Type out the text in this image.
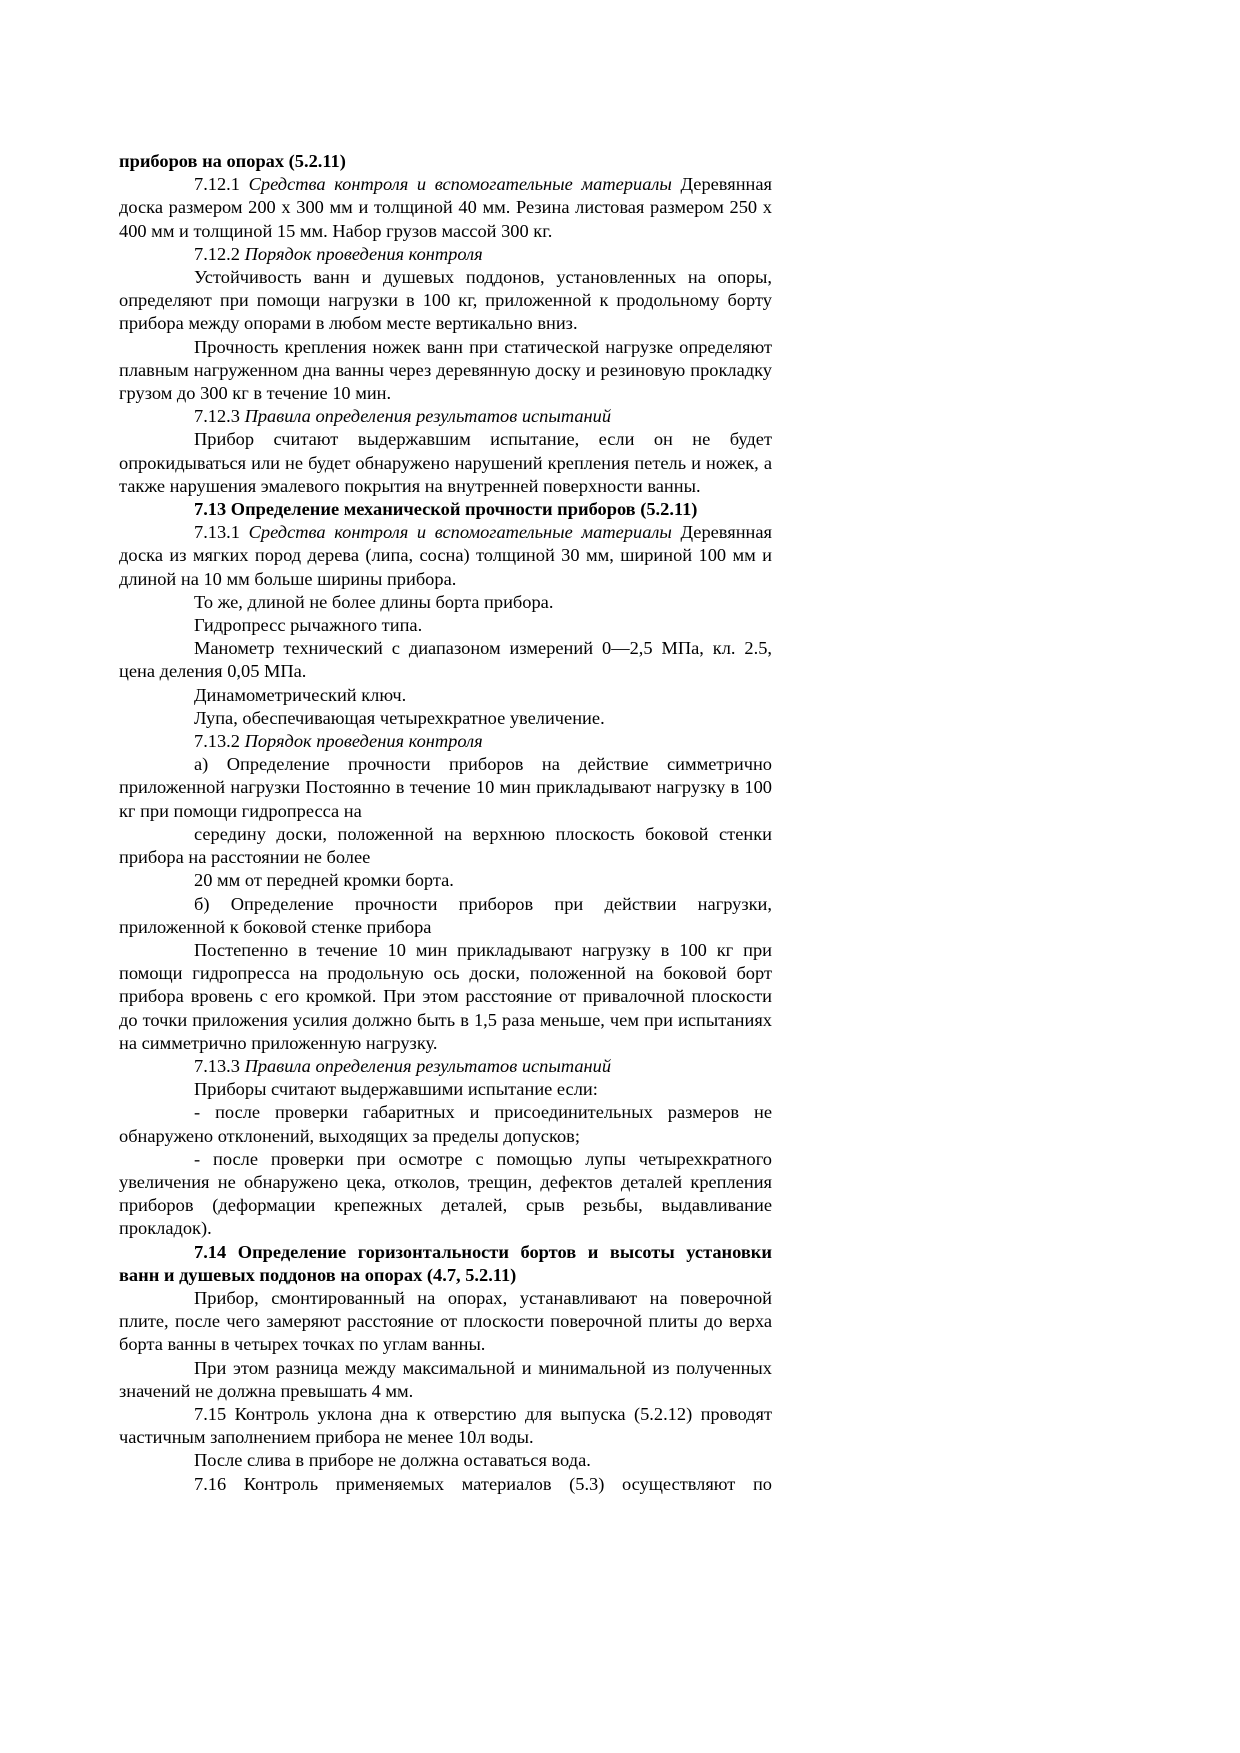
приборов на опорах (5.2.11)

7.12.1 Средства контроля и вспомогательные материалы Деревянная доска размером 200 х 300 мм и толщиной 40 мм. Резина листовая размером 250 х 400 мм и толщиной 15 мм. Набор грузов массой 300 кг.

7.12.2 Порядок проведения контроля

Устойчивость ванн и душевых поддонов, установленных на опоры, определяют при помощи нагрузки в 100 кг, приложенной к продольному борту прибора между опорами в любом месте вертикально вниз.

Прочность крепления ножек ванн при статической нагрузке определяют плавным нагруженном дна ванны через деревянную доску и резиновую прокладку грузом до 300 кг в течение 10 мин.

7.12.3 Правила определения результатов испытаний

Прибор считают выдержавшим испытание, если он не будет опрокидываться или не будет обнаружено нарушений крепления петель и ножек, а также нарушения эмалевого покрытия на внутренней поверхности ванны.

7.13 Определение механической прочности приборов (5.2.11)

7.13.1 Средства контроля и вспомогательные материалы Деревянная доска из мягких пород дерева (липа, сосна) толщиной 30 мм, шириной 100 мм и длиной на 10 мм больше ширины прибора.

То же, длиной не более длины борта прибора.

Гидропресс рычажного типа.

Манометр технический с диапазоном измерений 0—2,5 МПа, кл. 2.5, цена деления 0,05 МПа.

Динамометрический ключ.

Лупа, обеспечивающая четырехкратное увеличение.

7.13.2 Порядок проведения контроля

а) Определение прочности приборов на действие симметрично приложенной нагрузки Постоянно в течение 10 мин прикладывают нагрузку в 100 кг при помощи гидропресса на

середину доски, положенной на верхнюю плоскость боковой стенки прибора на расстоянии не более

20 мм от передней кромки борта.

б) Определение прочности приборов при действии нагрузки, приложенной к боковой стенке прибора

Постепенно в течение 10 мин прикладывают нагрузку в 100 кг при помощи гидропресса на продольную ось доски, положенной на боковой борт прибора вровень с его кромкой. При этом расстояние от привалочной плоскости до точки приложения усилия должно быть в 1,5 раза меньше, чем при испытаниях на симметрично приложенную нагрузку.

7.13.3 Правила определения результатов испытаний

Приборы считают выдержавшими испытание если:

- после проверки габаритных и присоединительных размеров не обнаружено отклонений, выходящих за пределы допусков;

- после проверки при осмотре с помощью лупы четырехкратного увеличения не обнаружено цека, отколов, трещин, дефектов деталей крепления приборов (деформации крепежных деталей, срыв резьбы, выдавливание прокладок).

7.14 Определение горизонтальности бортов и высоты установки ванн и душевых поддонов на опорах (4.7, 5.2.11)

Прибор, смонтированный на опорах, устанавливают на поверочной плите, после чего замеряют расстояние от плоскости поверочной плиты до верха борта ванны в четырех точках по углам ванны.

При этом разница между максимальной и минимальной из полученных значений не должна превышать 4 мм.

7.15 Контроль уклона дна к отверстию для выпуска (5.2.12) проводят частичным заполнением прибора не менее 10л воды.

После слива в приборе не должна оставаться вода.

7.16 Контроль применяемых материалов (5.3) осуществляют по
